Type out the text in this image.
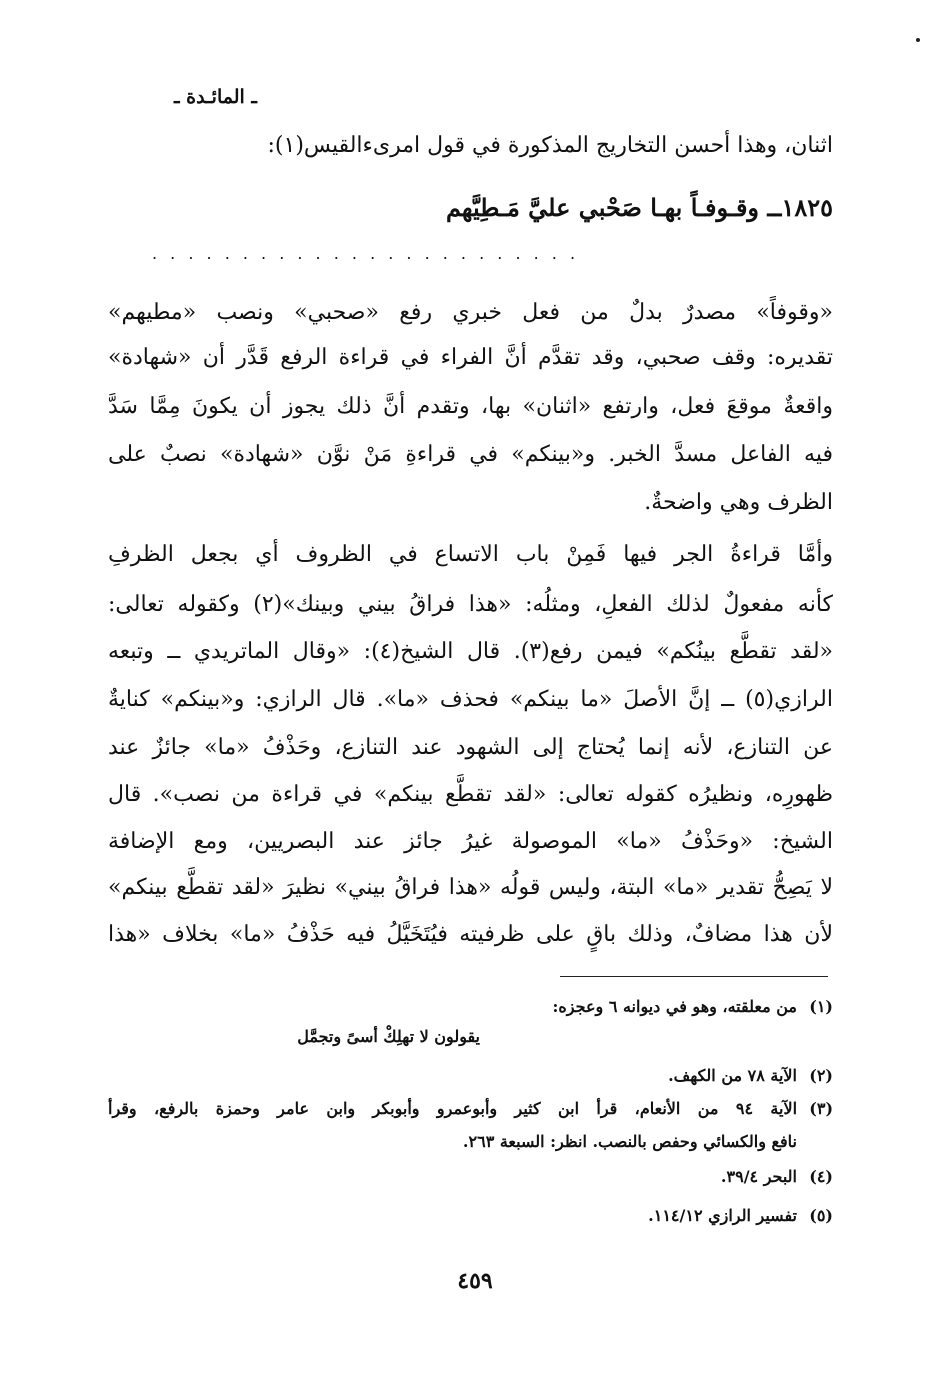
ـ المائـدة ـ
اثنان، وهذا أحسن التخاريج المذكورة في قول امرىءالقيس(١):
١٨٢٥ــ وقـوفـاً بهـا صَحْبي عليَّ مَـطِيَّهم
. . . . . . . . . . . . . . . . . . . . . . . .
«وقوفاً» مصدرٌ بدلٌ من فعل خبري رفع «صحبي» ونصب «مطيهم»
تقديره: وقف صحبي، وقد تقدَّم أنَّ الفراء في قراءة الرفع قَدَّر أن «شهادة»
واقعةٌ موقعَ فعل، وارتفع «اثنان» بها، وتقدم أنَّ ذلك يجوز أن يكونَ مِمَّا سَدَّ
فيه الفاعل مسدَّ الخبر. و«بينكم» في قراءةِ مَنْ نوَّن «شهادة» نصبٌ على
الظرف وهي واضحةٌ.
وأمَّا قراءةُ الجر فيها فَمِنْ باب الاتساع في الظروف أي بجعل الظرفِ
كأنه مفعولٌ لذلك الفعلِ، ومثلُه: «هذا فراقُ بيني وبينك»(٢) وكقوله تعالى:
«لقد تقطَّع بينُكم» فيمن رفع(٣). قال الشيخ(٤): «وقال الماتريدي ــ وتبعه
الرازي(٥) ــ إنَّ الأصلَ «ما بينكم» فحذف «ما». قال الرازي: و«بينكم» كنايةٌ
عن التنازع، لأنه إنما يُحتاج إلى الشهود عند التنازع، وحَذْفُ «ما» جائزٌ عند
ظهورِه، ونظيرُه كقوله تعالى: «لقد تقطَّع بينكم» في قراءة من نصب». قال
الشيخ: «وحَذْفُ «ما» الموصولة غيرُ جائز عند البصريين، ومع الإضافة
لا يَصِحُّ تقدير «ما» البتة، وليس قولُه «هذا فراقُ بيني» نظيرَ «لقد تقطَّع بينكم»
لأن هذا مضافٌ، وذلك باقٍ على ظرفيته فيُتَخَيَّلُ فيه حَذْفُ «ما» بخلاف «هذا
(١)من معلقته، وهو في ديوانه ٦ وعجزه:
يقولون لا تهلِكْ أسىً وتجمَّل
(٢)الآية ٧٨ من الكهف.
(٣)الآية ٩٤ من الأنعام، قرأ ابن كثير وأبوعمرو وأبوبكر وابن عامر وحمزة بالرفع، وقرأ
نافع والكسائي وحفص بالنصب. انظر: السبعة ٢٦٣.
(٤)البحر ٣٩/٤.
(٥)تفسير الرازي ١١٤/١٢.
٤٥٩
